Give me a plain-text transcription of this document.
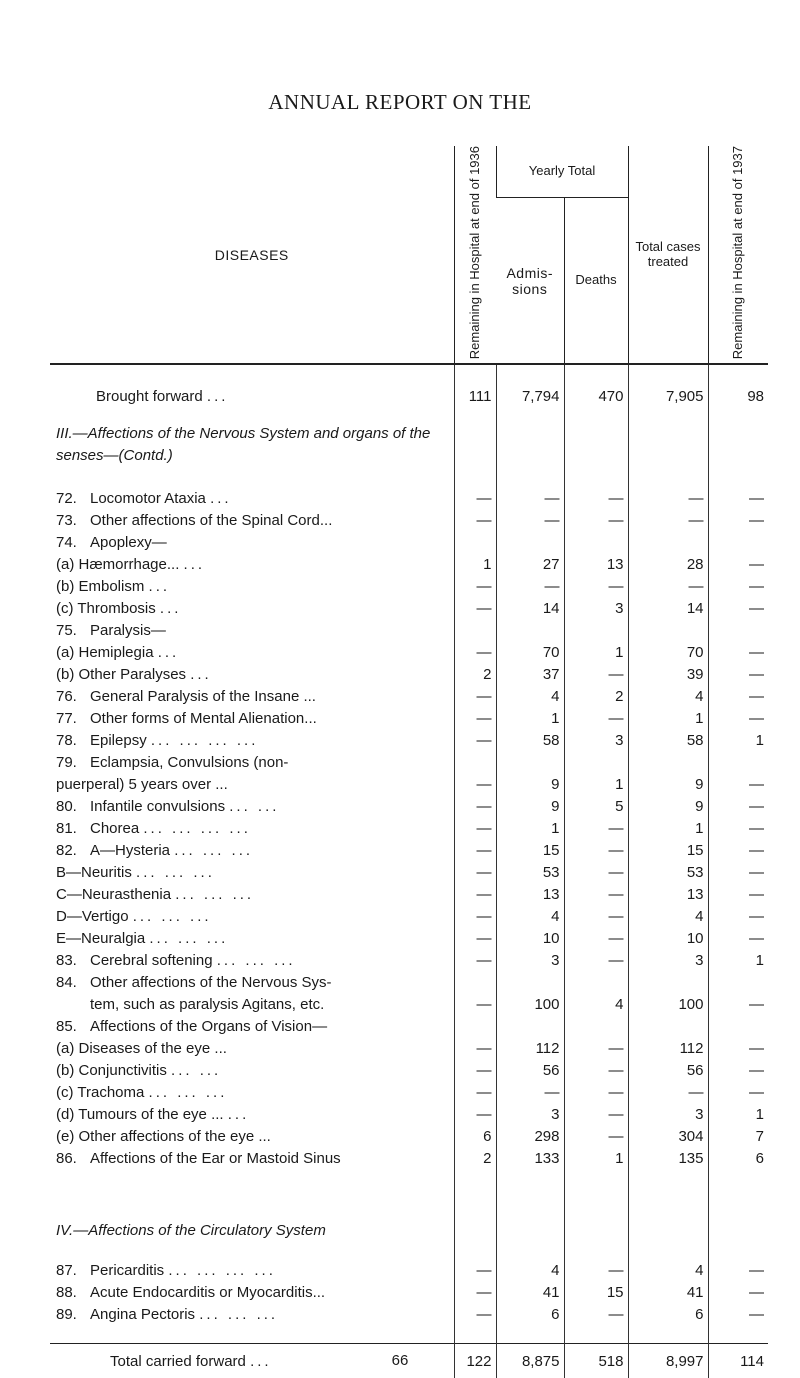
ANNUAL REPORT ON THE
DISEASES	Remaining in Hospital at end of 1936	Yearly Total		Total cases treated	Remaining in Hospital at end of 1937
		Admis- sions	Deaths		

Brought forward ...	111	7,794	470	7,905	98

III.—Affections of the Nervous System and organs of the senses—(Contd.)					

72. Locomotor Ataxia ...	—	—	—	—	—
73. Other affections of the Spinal Cord...	—	—	—	—	—
74. Apoplexy—					
(a) Hæmorrhage... ...	1	27	13	28	—
(b) Embolism ...	—	—	—	—	—
(c) Thrombosis ...	—	14	3	14	—
75. Paralysis—					
(a) Hemiplegia ...	—	70	1	70	—
(b) Other Paralyses ...	2	37	—	39	—
76. General Paralysis of the Insane ...	—	4	2	4	—
77. Other forms of Mental Alienation...	—	1	—	1	—
78. Epilepsy ... ... ... ...	—	58	3	58	1
79. Eclampsia, Convulsions (non-					
puerperal) 5 years over ...	—	9	1	9	—
80. Infantile convulsions ... ...	—	9	5	9	—
81. Chorea ... ... ... ...	—	1	—	1	—
82. A—Hysteria ... ... ...	—	15	—	15	—
B—Neuritis ... ... ...	—	53	—	53	—
C—Neurasthenia ... ... ...	—	13	—	13	—
D—Vertigo ... ... ...	—	4	—	4	—
E—Neuralgia ... ... ...	—	10	—	10	—
83. Cerebral softening ... ... ...	—	3	—	3	1
84. Other affections of the Nervous Sys-					
tem, such as paralysis Agitans, etc.	—	100	4	100	—
85. Affections of the Organs of Vision—					
(a) Diseases of the eye ...	—	112	—	112	—
(b) Conjunctivitis ... ...	—	56	—	56	—
(c) Trachoma ... ... ...	—	—	—	—	—
(d) Tumours of the eye ... ...	—	3	—	3	1
(e) Other affections of the eye ...	6	298	—	304	7
86. Affections of the Ear or Mastoid Sinus	2	133	1	135	6

IV.—Affections of the Circulatory System					

87. Pericarditis ... ... ... ...	—	4	—	4	—
88. Acute Endocarditis or Myocarditis...	—	41	15	41	—
89. Angina Pectoris ... ... ...	—	6	—	6	—

Total carried forward ...	122	8,875	518	8,997	114
66
